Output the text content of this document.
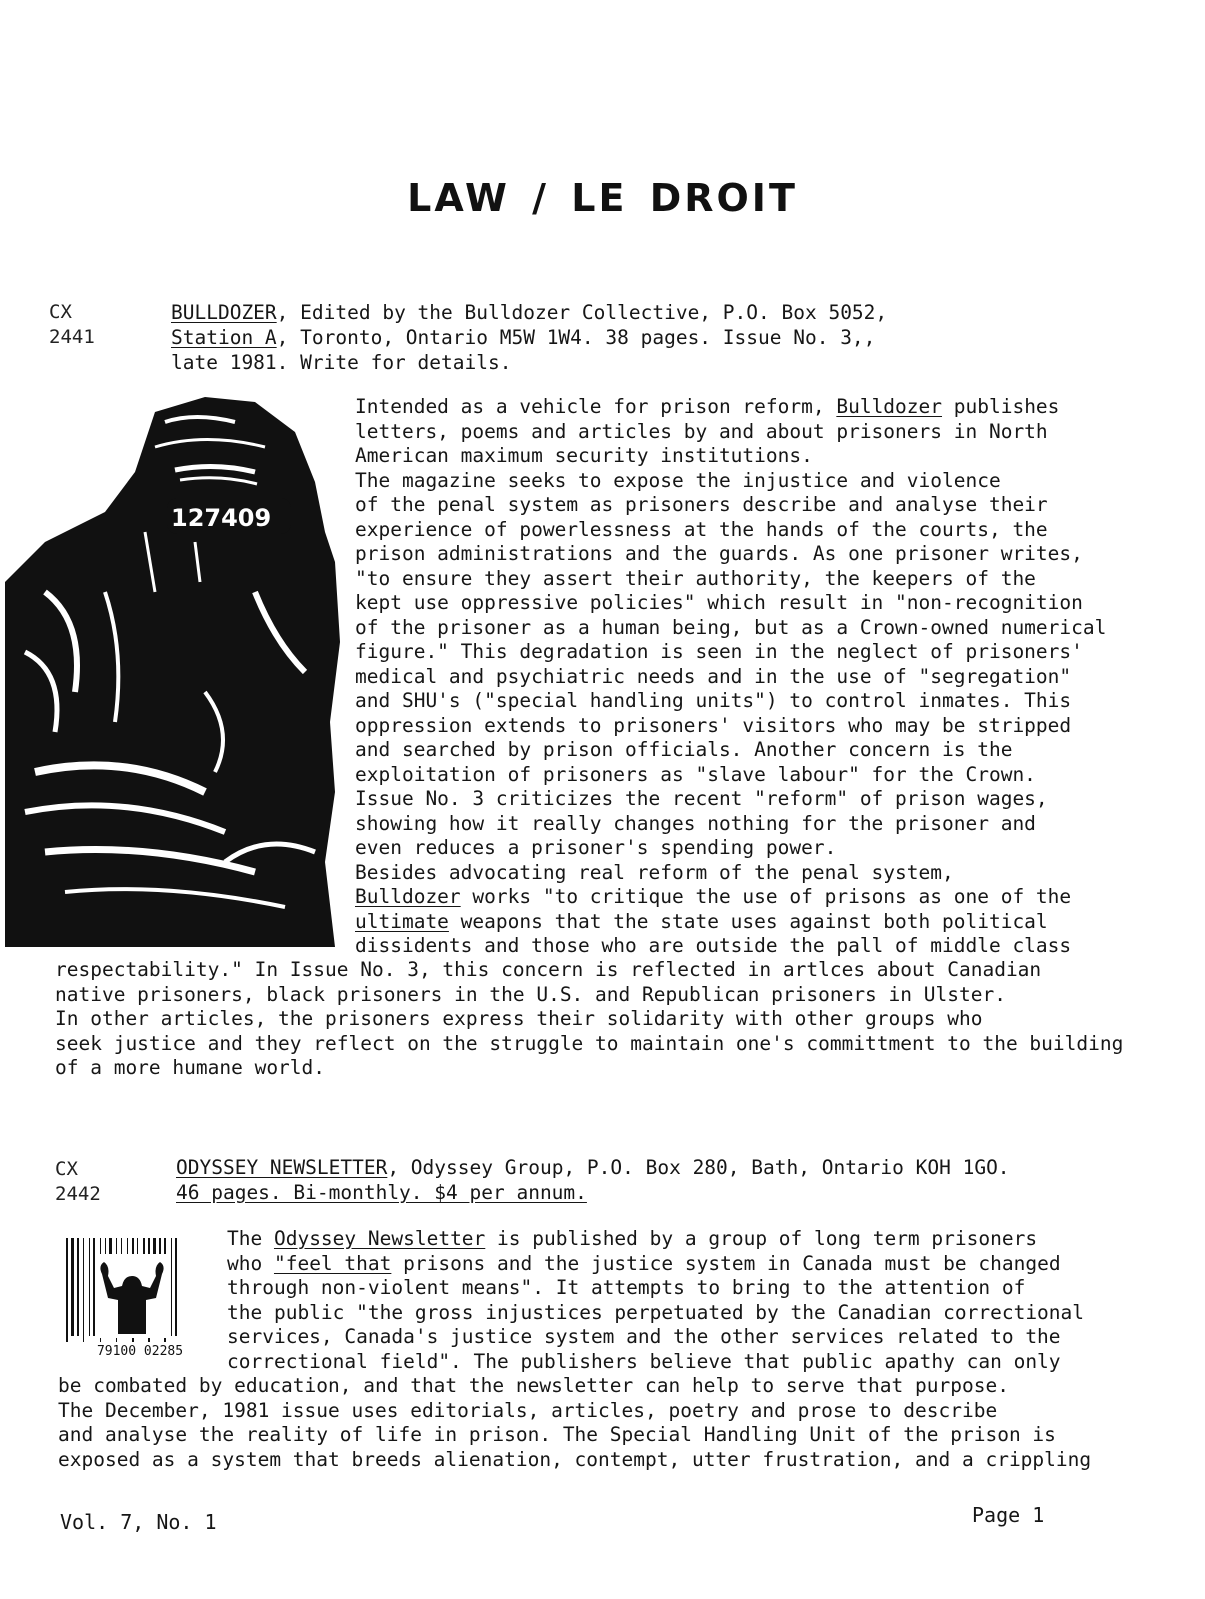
LAW / LE DROIT
CX
2441
BULLDOZER, Edited by the Bulldozer Collective, P.O. Box 5052,
Station A, Toronto, Ontario M5W 1W4. 38 pages. Issue No. 3,,
late 1981. Write for details.
127409
Intended as a vehicle for prison reform, Bulldozer publishes
letters, poems and articles by and about prisoners in North
American maximum security institutions.
The magazine seeks to expose the injustice and violence
of the penal system as prisoners describe and analyse their
experience of powerlessness at the hands of the courts, the
prison administrations and the guards. As one prisoner writes,
"to ensure they assert their authority, the keepers of the
kept use oppressive policies" which result in "non-recognition
of the prisoner as a human being, but as a Crown-owned numerical
figure." This degradation is seen in the neglect of prisoners'
medical and psychiatric needs and in the use of "segregation"
and SHU's ("special handling units") to control inmates. This
oppression extends to prisoners' visitors who may be stripped
and searched by prison officials. Another concern is the
exploitation of prisoners as "slave labour" for the Crown.
Issue No. 3 criticizes the recent "reform" of prison wages,
showing how it really changes nothing for the prisoner and
even reduces a prisoner's spending power.
Besides advocating real reform of the penal system,
Bulldozer works "to critique the use of prisons as one of the
ultimate weapons that the state uses against both political
dissidents and those who are outside the pall of middle class
respectability." In Issue No. 3, this concern is reflected in artlces about Canadian
native prisoners, black prisoners in the U.S. and Republican prisoners in Ulster.
In other articles, the prisoners express their solidarity with other groups who
seek justice and they reflect on the struggle to maintain one's committment to the building
of a more humane world.
CX
2442
ODYSSEY NEWSLETTER, Odyssey Group, P.O. Box 280, Bath, Ontario KOH 1GO.
46 pages. Bi-monthly. $4 per annum.
79100 02285
The Odyssey Newsletter is published by a group of long term prisoners
who "feel that prisons and the justice system in Canada must be changed
through non-violent means". It attempts to bring to the attention of
the public "the gross injustices perpetuated by the Canadian correctional
services, Canada's justice system and the other services related to the
correctional field". The publishers believe that public apathy can only
be combated by education, and that the newsletter can help to serve that purpose.
The December, 1981 issue uses editorials, articles, poetry and prose to describe
and analyse the reality of life in prison. The Special Handling Unit of the prison is
exposed as a system that breeds alienation, contempt, utter frustration, and a crippling
Vol. 7, No. 1	Page 1
